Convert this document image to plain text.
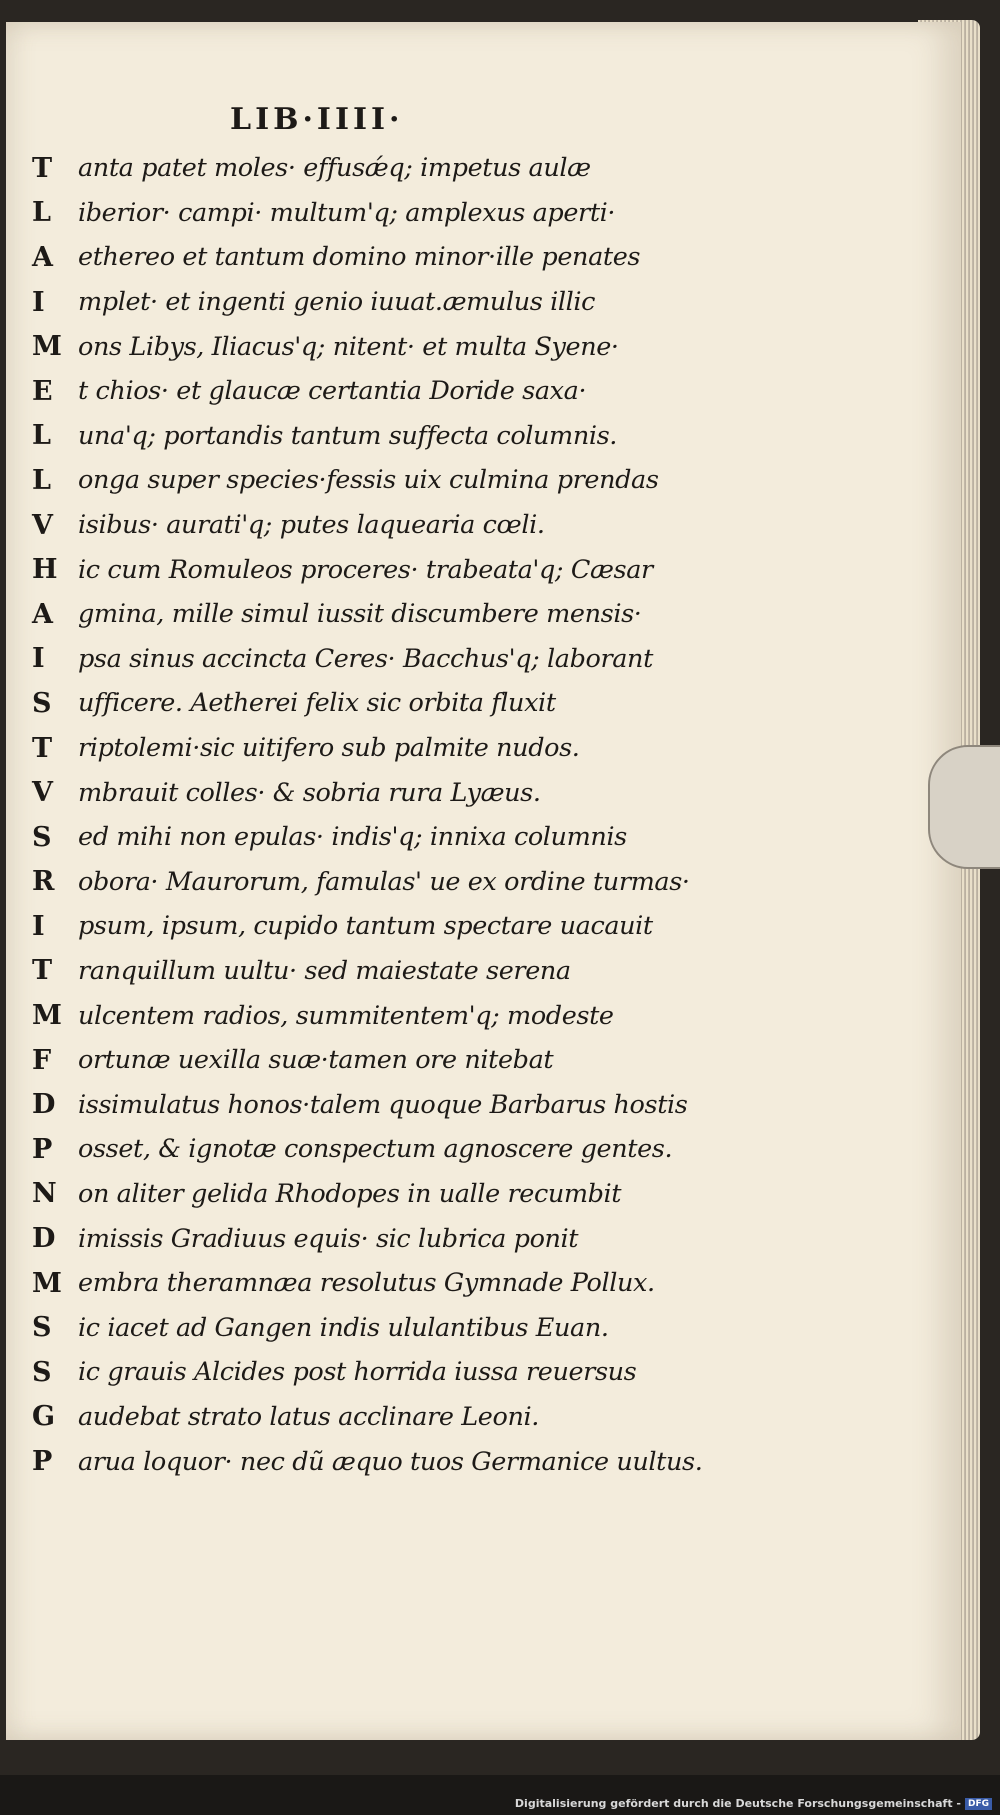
LIB·IIII·
T	anta patet moles· effusǽq; impetus aulæ
L	iberior· campi· multum'q; amplexus aperti·
A ethereo et tantum domino minor·ille penates
I	mplet· et ingenti genio iuuat.æmulus illic
M ons Libys, Iliacus'q; nitent· et multa Syene·
E t chios· et glaucæ certantia Doride saxa·
L	una'q; portandis tantum suffecta columnis.
L	onga super species·fessis uix culmina prendas
V isibus· aurati'q; putes laquearia cœli.
H ic cum Romuleos proceres· trabeata'q; Cæsar
A gmina, mille simul iussit discumbere mensis·
I	psa sinus accincta Ceres· Bacchus'q; laborant
S	ufficere. Aetherei felix sic orbita fluxit
T	riptolemi·sic uitifero sub palmite nudos.
V mbrauit colles· & sobria rura Lyæus.
S	ed mihi non epulas· indis'q; innixa columnis
R obora· Maurorum, famulas' ue ex ordine turmas·
I	psum, ipsum, cupido tantum spectare uacauit
T	ranquillum uultu· sed maiestate serena
M ulcentem radios, summitentem'q; modeste
F	ortunæ uexilla suæ·tamen ore nitebat
D issimulatus honos·talem quoque Barbarus hostis
P	osset, & ignotæ conspectum agnoscere gentes.
N on aliter gelida Rhodopes in ualle recumbit
D imissis Gradiuus equis· sic lubrica ponit
M embra theramnæa resolutus Gymnade Pollux.
S	ic iacet ad Gangen indis ululantibus Euan.
S	ic grauis Alcides post horrida iussa reuersus
G audebat strato latus acclinare Leoni.
P	arua loquor· nec dũ æquo tuos Germanice uultus.
Digitalisierung gefördert durch die Deutsche Forschungsgemeinschaft - DFG
